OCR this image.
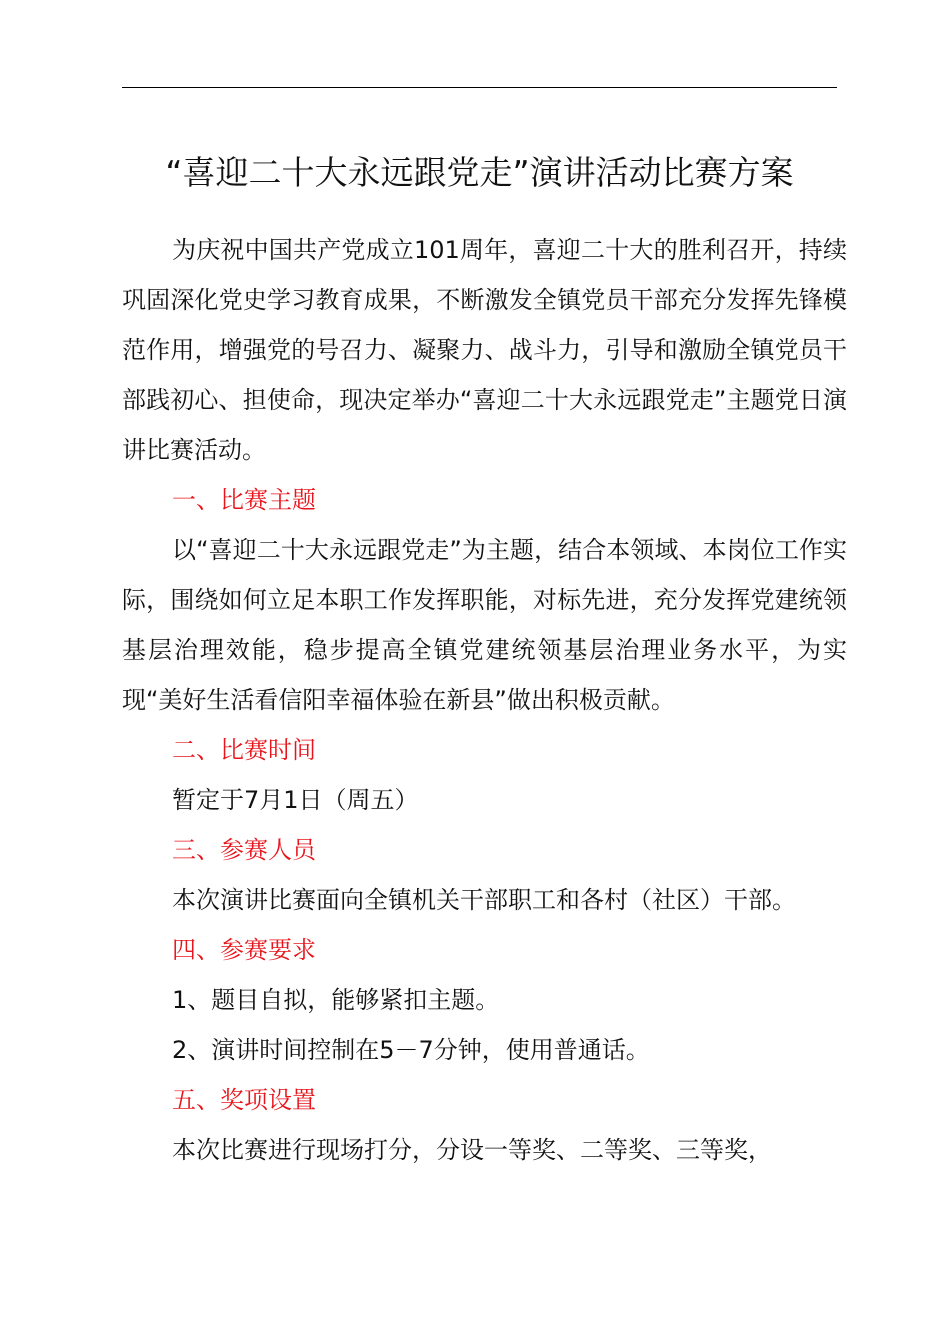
“喜迎二十大永远跟党走”演讲活动比赛方案

为庆祝中国共产党成立101周年，喜迎二十大的胜利召开，持续巩固深化党史学习教育成果，不断激发全镇党员干部充分发挥先锋模范作用，增强党的号召力、凝聚力、战斗力，引导和激励全镇党员干部践初心、担使命，现决定举办“喜迎二十大永远跟党走”主题党日演讲比赛活动。

一、比赛主题

以“喜迎二十大永远跟党走”为主题，结合本领域、本岗位工作实际，围绕如何立足本职工作发挥职能，对标先进，充分发挥党建统领基层治理效能，稳步提高全镇党建统领基层治理业务水平，为实现“美好生活看信阳幸福体验在新县”做出积极贡献。

二、比赛时间

暂定于7月1日（周五）

三、参赛人员

本次演讲比赛面向全镇机关干部职工和各村（社区）干部。

四、参赛要求

1、题目自拟，能够紧扣主题。

2、演讲时间控制在5－7分钟，使用普通话。

五、奖项设置

本次比赛进行现场打分，分设一等奖、二等奖、三等奖，
